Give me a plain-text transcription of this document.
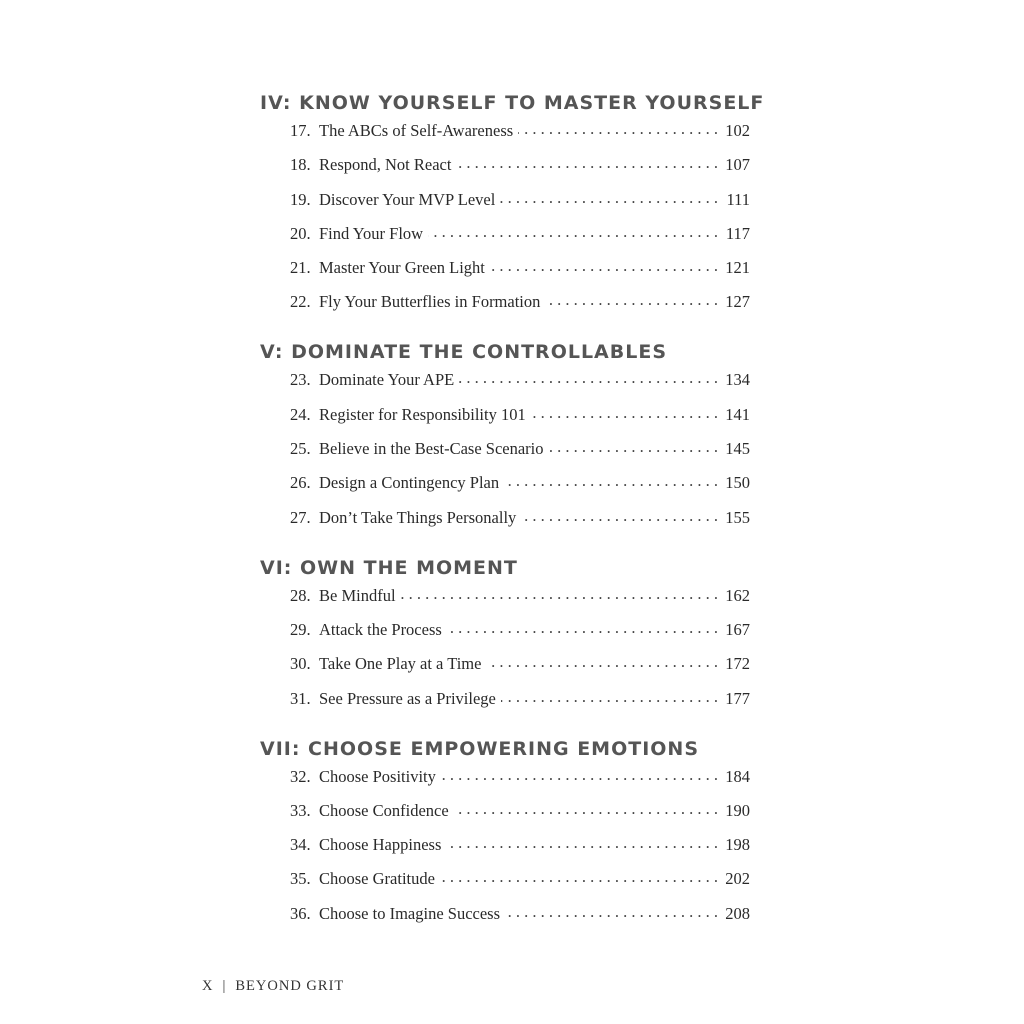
IV: KNOW YOURSELF TO MASTER YOURSELF
17. The ABCs of Self-Awareness . . .	102
18. Respond, Not React . . .	107
19. Discover Your MVP Level . . .	111
20. Find Your Flow . . .	117
21. Master Your Green Light . . .	121
22. Fly Your Butterflies in Formation . . .	127
V: DOMINATE THE CONTROLLABLES
23. Dominate Your APE . . .	134
24. Register for Responsibility 101 . . .	141
25. Believe in the Best-Case Scenario . . .	145
26. Design a Contingency Plan . . .	150
27. Don’t Take Things Personally . . .	155
VI: OWN THE MOMENT
28. Be Mindful . . .	162
29. Attack the Process . . .	167
30. Take One Play at a Time . . .	172
31. See Pressure as a Privilege . . .	177
VII: CHOOSE EMPOWERING EMOTIONS
32. Choose Positivity . . .	184
33. Choose Confidence . . .	190
34. Choose Happiness . . .	198
35. Choose Gratitude . . .	202
36. Choose to Imagine Success . . .	208
X | BEYOND GRIT
